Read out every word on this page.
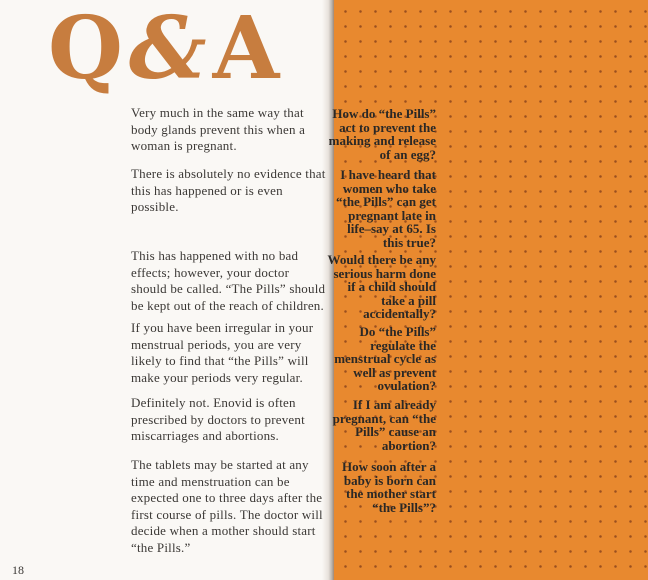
Q & A
How do “the Pills” act to prevent the making and release of an egg?
Very much in the same way that body glands prevent this when a woman is pregnant.
I have heard that women who take “the Pills” can get pregnant late in life–say at 65. Is this true?
There is absolutely no evidence that this has happened or is even possible.
Would there be any serious harm done if a child should take a pill accidentally?
This has happened with no bad effects; however, your doctor should be called. “The Pills” should be kept out of the reach of children.
Do “the Pills” regulate the menstrual cycle as well as prevent ovulation?
If you have been irregular in your menstrual periods, you are very likely to find that “the Pills” will make your periods very regular.
If I am already pregnant, can “the Pills” cause an abortion?
Definitely not. Enovid is often prescribed by doctors to prevent miscarriages and abortions.
How soon after a baby is born can the mother start “the Pills”?
The tablets may be started at any time and menstruation can be expected one to three days after the first course of pills. The doctor will decide when a mother should start “the Pills.”
18
